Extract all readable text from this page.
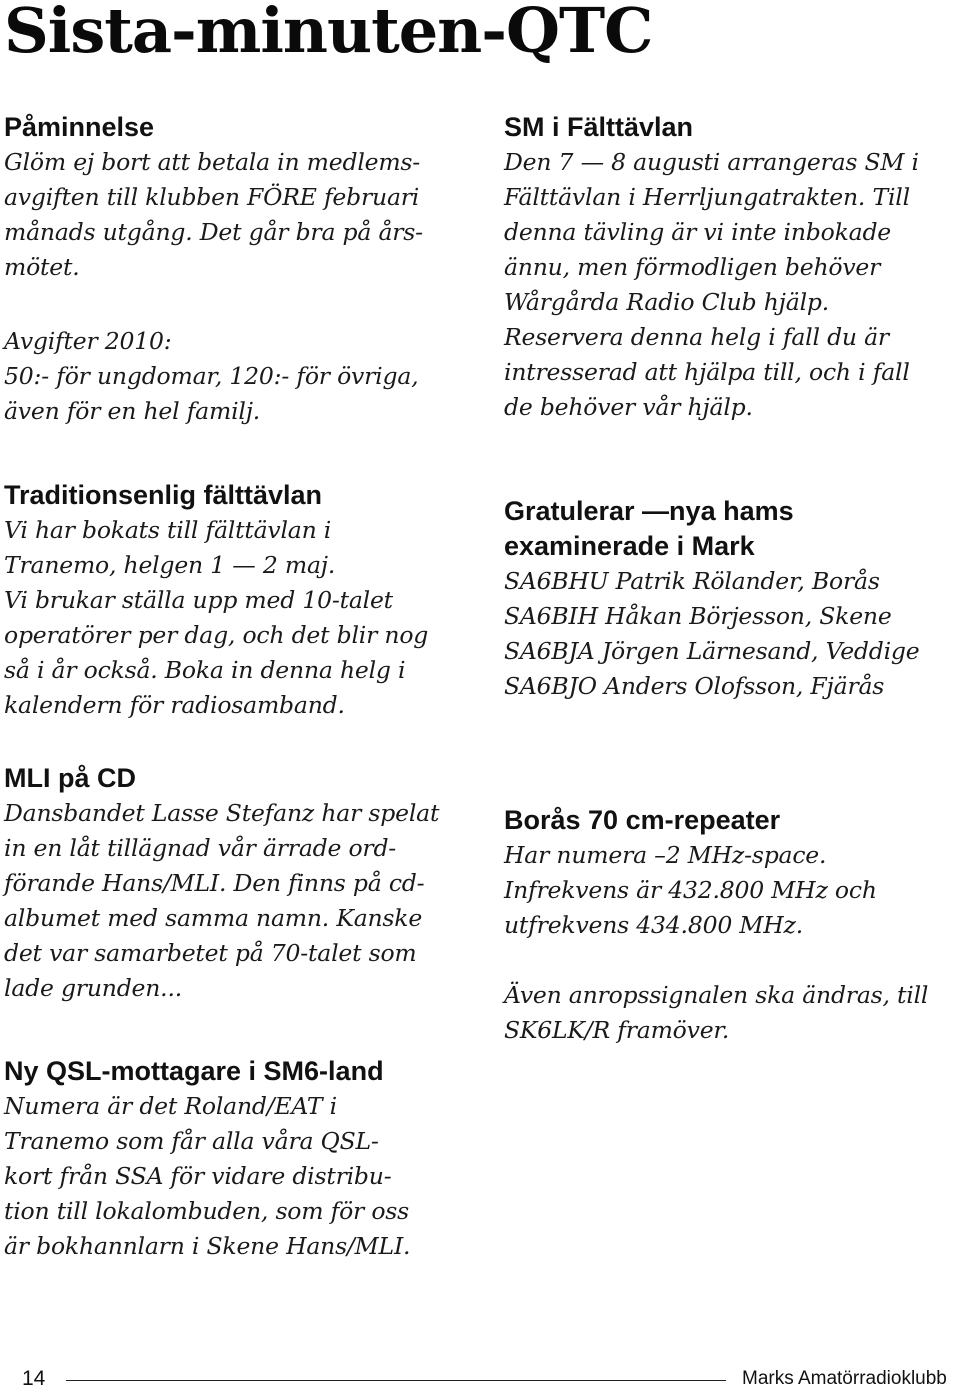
Sista-minuten-QTC

Påminnelse

Glöm ej bort att betala in medlems-
avgiften till klubben FÖRE februari
månads utgång. Det går bra på års-
mötet.

Avgifter 2010:
50:- för ungdomar, 120:- för övriga,
även för en hel familj.

Traditionsenlig fälttävlan

Vi har bokats till fälttävlan i
Tranemo, helgen 1 — 2 maj.
Vi brukar ställa upp med 10-talet
operatörer per dag, och det blir nog
så i år också. Boka in denna helg i
kalendern för radiosamband.

MLI på CD

Dansbandet Lasse Stefanz har spelat
in en låt tillägnad vår ärrade ord-
förande Hans/MLI. Den finns på cd-
albumet med samma namn. Kanske
det var samarbetet på 70-talet som
lade grunden...

Ny QSL-mottagare i SM6-land

Numera är det Roland/EAT i
Tranemo som får alla våra QSL-
kort från SSA för vidare distribu-
tion till lokalombuden, som för oss
är bokhannlarn i Skene Hans/MLI.

SM i Fälttävlan

Den 7 — 8 augusti arrangeras SM i
Fälttävlan i Herrljungatrakten. Till
denna tävling är vi inte inbokade
ännu, men förmodligen behöver
Wårgårda Radio Club hjälp.
Reservera denna helg i fall du är
intresserad att hjälpa till, och i fall
de behöver vår hjälp.

Gratulerar —nya hams
examinerade i Mark

SA6BHU Patrik Rölander, Borås
SA6BIH Håkan Börjesson, Skene
SA6BJA Jörgen Lärnesand, Veddige
SA6BJO Anders Olofsson, Fjärås

Borås 70 cm-repeater

Har numera –2 MHz-space.
Infrekvens är 432.800 MHz och
utfrekvens 434.800 MHz.

Även anropssignalen ska ändras, till
SK6LK/R framöver.

14	Marks Amatörradioklubb
